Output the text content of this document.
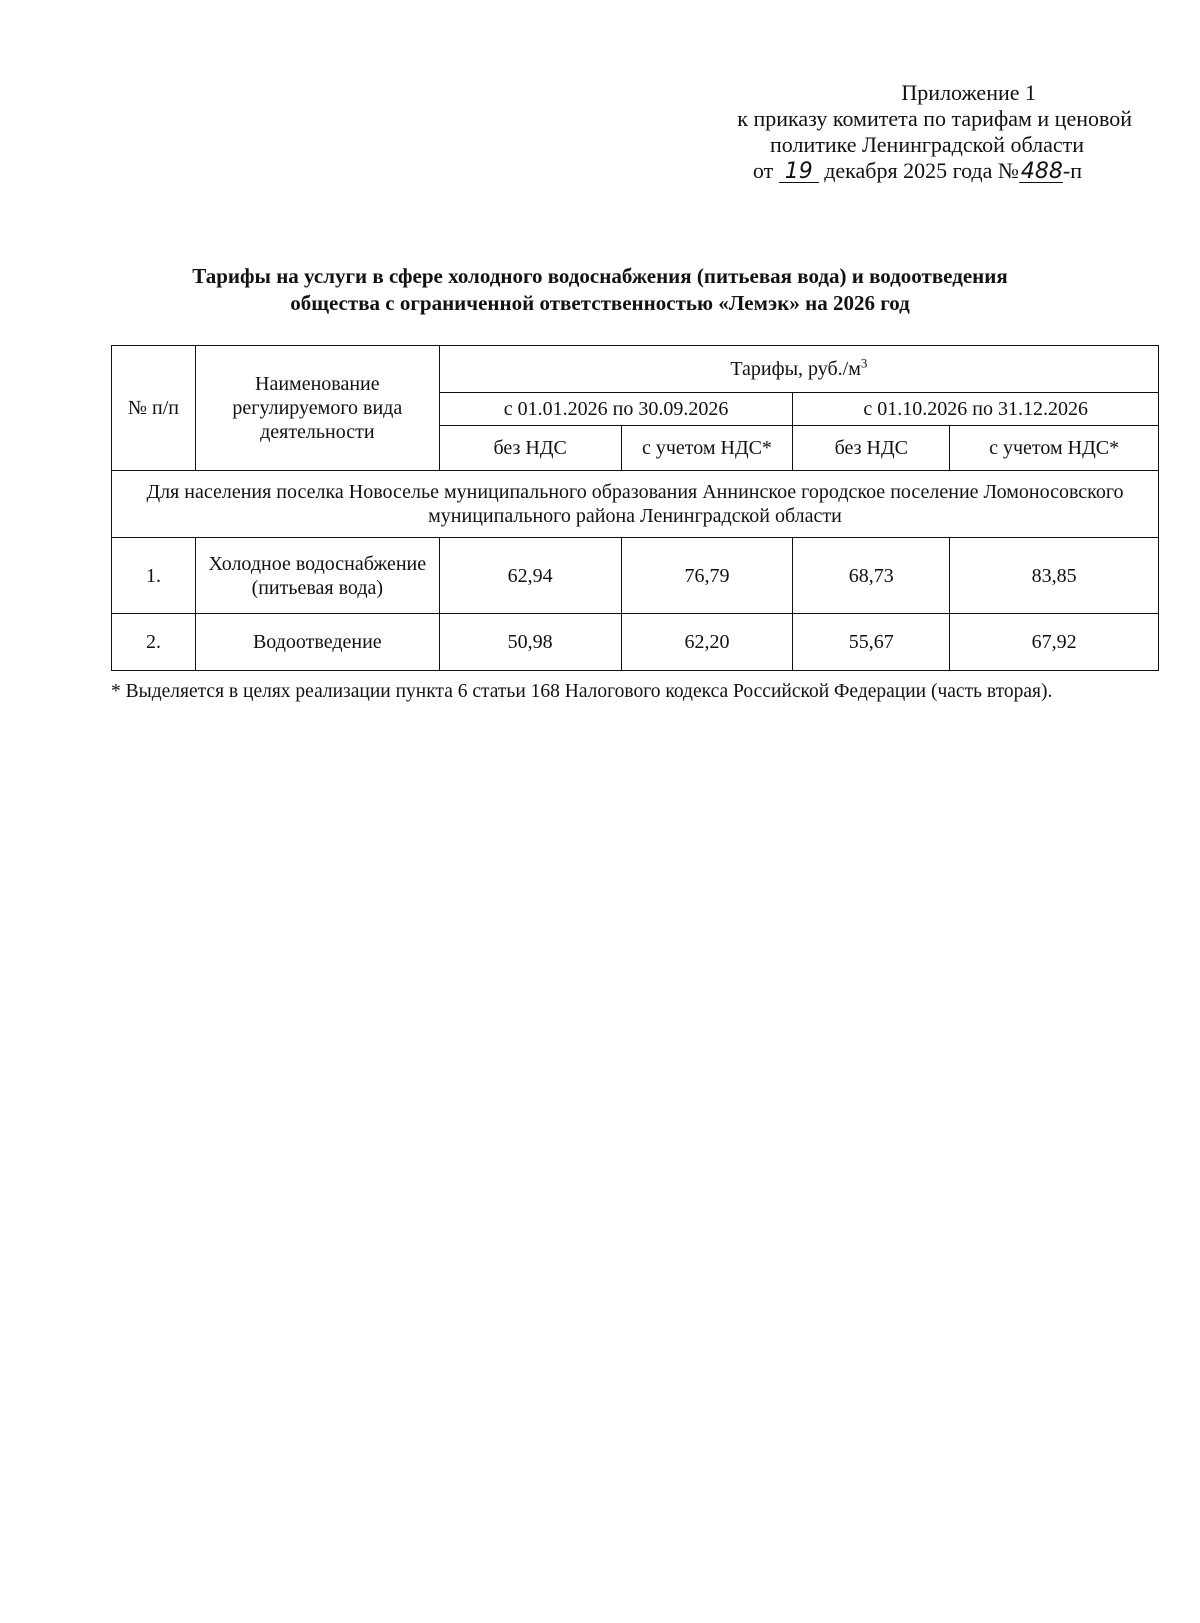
Приложение 1
к приказу комитета по тарифам и ценовой
политике Ленинградской области
от 19 декабря 2025 года №488-п
Тарифы на услуги в сфере холодного водоснабжения (питьевая вода) и водоотведения
общества с ограниченной ответственностью «Лемэк» на 2026 год
№ п/п	Наименование регулируемого вида деятельности	Тарифы, $руб./м^3$
		с 01.01.2026 по 30.09.2026		с 01.10.2026 по 31.12.2026	
		без НДС	с учетом НДС*	без НДС	с учетом НДС*
Для населения поселка Новоселье муниципального образования Аннинское городское поселение Ломоносовского муниципального района Ленинградской области					
1.	Холодное водоснабжение (питьевая вода)	62,94	76,79	68,73	83,85
2.	Водоотведение	50,98	62,20	55,67	67,92
* Выделяется в целях реализации пункта 6 статьи 168 Налогового кодекса Российской Федерации (часть вторая).
